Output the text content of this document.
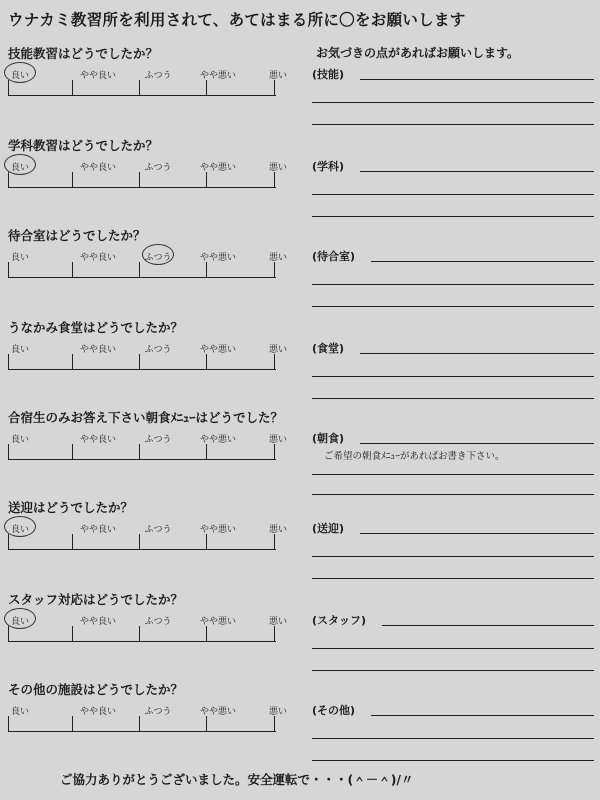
ウナカミ教習所を利用されて、あてはまる所に〇をお願いします
お気づきの点があればお願いします。
技能教習はどうでしたか？
良い	やや良い	ふつう	やや悪い	悪い (技能)
学科教習はどうでしたか？
良い	やや良い	ふつう	やや悪い	悪い (学科)
待合室はどうでしたか？
良い	やや良い	ふつう	やや悪い	悪い (待合室)
うなかみ食堂はどうでしたか？
良い	やや良い	ふつう	やや悪い	悪い (食堂)
合宿生のみお答え下さい朝食ﾒﾆｭｰはどうでした？
良い	やや良い	ふつう	やや悪い	悪い (朝食)
ご希望の朝食ﾒﾆｭｰがあればお書き下さい。
送迎はどうでしたか？
良い	やや良い	ふつう	やや悪い	悪い (送迎)
スタッフ対応はどうでしたか？
良い	やや良い	ふつう	やや悪い	悪い (スタッフ)
その他の施設はどうでしたか？
良い	やや良い	ふつう	やや悪い	悪い (その他)
ご協力ありがとうございました。安全運転で・・・(＾－＾)/〃
